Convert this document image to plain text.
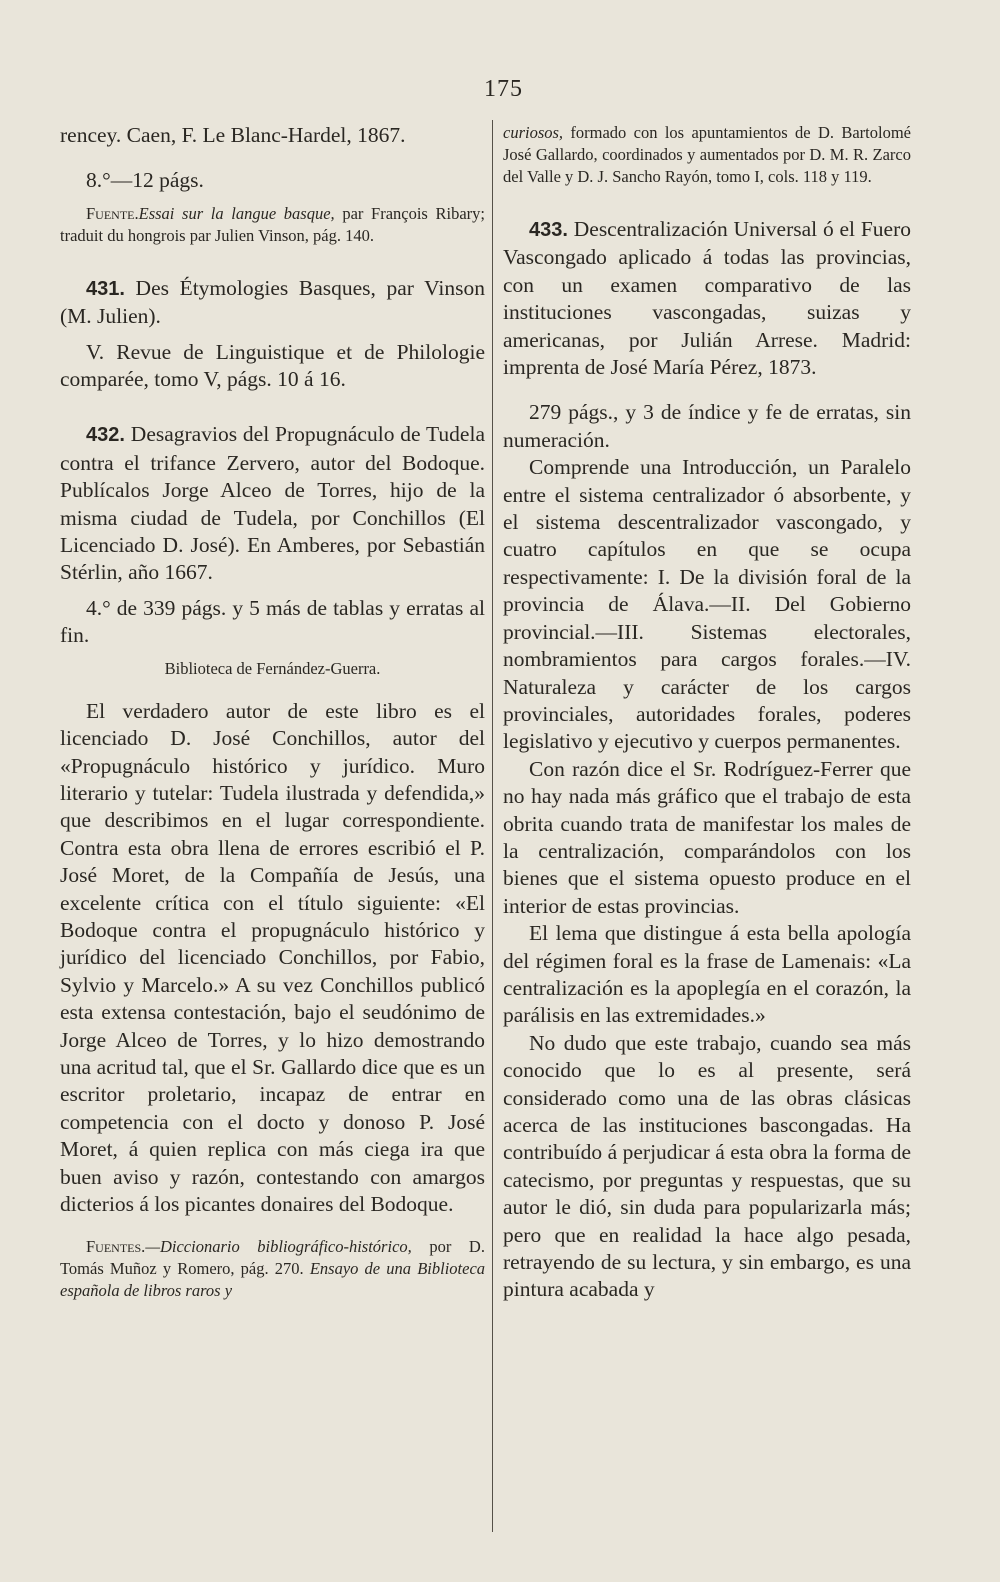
175

rencey. Caen, F. Le Blanc-Hardel, 1867.

8.°—12 págs.

Fuente.Essai sur la langue basque, par François Ribary; traduit du hongrois par Julien Vinson, pág. 140.

431. Des Étymologies Basques, par Vinson (M. Julien).

V. Revue de Linguistique et de Philologie comparée, tomo V, págs. 10 á 16.

432. Desagravios del Propugnáculo de Tudela contra el trifance Zervero, autor del Bodoque. Publícalos Jorge Alceo de Torres, hijo de la misma ciudad de Tudela, por Conchillos (El Licenciado D. José). En Amberes, por Sebastián Stérlin, año 1667.

4.° de 339 págs. y 5 más de tablas y erratas al fin.

Biblioteca de Fernández-Guerra.

El verdadero autor de este libro es el licenciado D. José Conchillos, autor del «Propugnáculo histórico y jurídico. Muro literario y tutelar: Tudela ilustrada y defendida,» que describimos en el lugar correspondiente. Contra esta obra llena de errores escribió el P. José Moret, de la Compañía de Jesús, una excelente crítica con el título siguiente: «El Bodoque contra el propugnáculo histórico y jurídico del licenciado Conchillos, por Fabio, Sylvio y Marcelo.» A su vez Conchillos publicó esta extensa contestación, bajo el seudónimo de Jorge Alceo de Torres, y lo hizo demostrando una acritud tal, que el Sr. Gallardo dice que es un escritor proletario, incapaz de entrar en competencia con el docto y donoso P. José Moret, á quien replica con más ciega ira que buen aviso y razón, contestando con amargos dicterios á los picantes donaires del Bodoque.

Fuentes.—Diccionario bibliográfico-histórico, por D. Tomás Muñoz y Romero, pág. 270. Ensayo de una Biblioteca española de libros raros y

curiosos, formado con los apuntamientos de D. Bartolomé José Gallardo, coordinados y aumentados por D. M. R. Zarco del Valle y D. J. Sancho Rayón, tomo I, cols. 118 y 119.

433. Descentralización Universal ó el Fuero Vascongado aplicado á todas las provincias, con un examen comparativo de las instituciones vascongadas, suizas y americanas, por Julián Arrese. Madrid: imprenta de José María Pérez, 1873.

279 págs., y 3 de índice y fe de erratas, sin numeración.

Comprende una Introducción, un Paralelo entre el sistema centralizador ó absorbente, y el sistema descentralizador vascongado, y cuatro capítulos en que se ocupa respectivamente: I. De la división foral de la provincia de Álava.—II. Del Gobierno provincial.—III. Sistemas electorales, nombramientos para cargos forales.—IV. Naturaleza y carácter de los cargos provinciales, autoridades forales, poderes legislativo y ejecutivo y cuerpos permanentes.

Con razón dice el Sr. Rodríguez-Ferrer que no hay nada más gráfico que el trabajo de esta obrita cuando trata de manifestar los males de la centralización, comparándolos con los bienes que el sistema opuesto produce en el interior de estas provincias.

El lema que distingue á esta bella apología del régimen foral es la frase de Lamenais: «La centralización es la apoplegía en el corazón, la parálisis en las extremidades.»

No dudo que este trabajo, cuando sea más conocido que lo es al presente, será considerado como una de las obras clásicas acerca de las instituciones bascongadas. Ha contribuído á perjudicar á esta obra la forma de catecismo, por preguntas y respuestas, que su autor le dió, sin duda para popularizarla más; pero que en realidad la hace algo pesada, retrayendo de su lectura, y sin embargo, es una pintura acabada y
